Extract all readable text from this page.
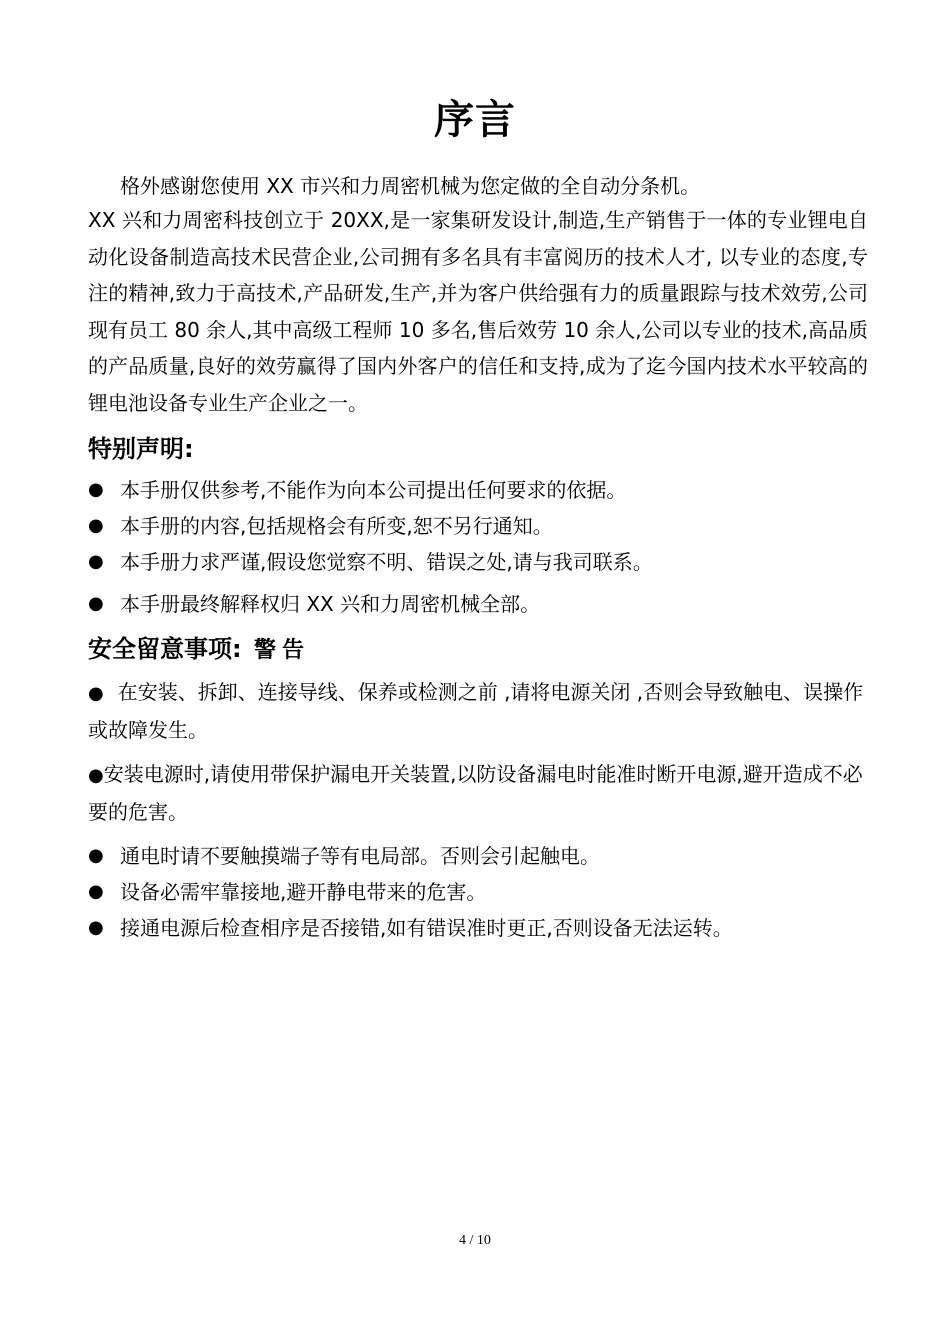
序言

格外感谢您使用 XX 市兴和力周密机械为您定做的全自动分条机。

XX 兴和力周密科技创立于 20XX,是一家集研发设计,制造,生产销售于一体的专业锂电自动化设备制造高技术民营企业,公司拥有多名具有丰富阅历的技术人才, 以专业的态度,专注的精神,致力于高技术,产品研发,生产,并为客户供给强有力的质量跟踪与技术效劳,公司现有员工 80 余人,其中高级工程师 10 多名,售后效劳 10 余人,公司以专业的技术,高品质的产品质量,良好的效劳赢得了国内外客户的信任和支持,成为了迄今国内技术水平较高的锂电池设备专业生产企业之一。

特别声明:

● 本手册仅供参考,不能作为向本公司提出任何要求的依据。

● 本手册的内容,包括规格会有所变,恕不另行通知。

● 本手册力求严谨,假设您觉察不明、错误之处,请与我司联系。

● 本手册最终解释权归 XX 兴和力周密机械全部。

安全留意事项: 警告

● 在安装、拆卸、连接导线、保养或检测之前 ,请将电源关闭 ,否则会导致触电、误操作或故障发生。

●安装电源时,请使用带保护漏电开关装置,以防设备漏电时能准时断开电源,避开造成不必要的危害。

● 通电时请不要触摸端子等有电局部。否则会引起触电。

● 设备必需牢靠接地,避开静电带来的危害。

● 接通电源后检查相序是否接错,如有错误准时更正,否则设备无法运转。

4 / 10
